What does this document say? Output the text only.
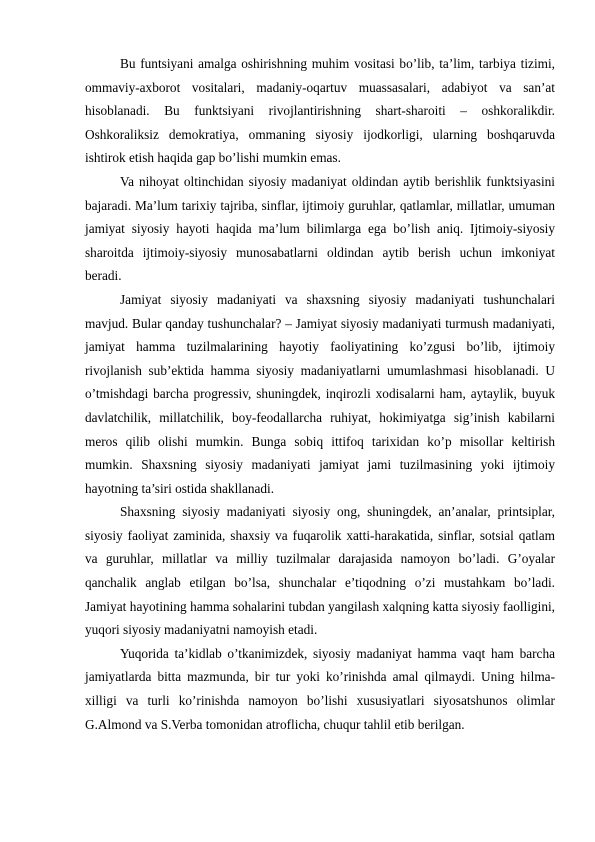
Bu funtsiyani amalga oshirishning muhim vositasi bo’lib, ta’lim, tarbiya tizimi, ommaviy-axborot vositalari, madaniy-oqartuv muassasalari, adabiyot va san’at hisoblanadi. Bu funktsiyani rivojlantirishning shart-sharoiti – oshkoralikdir. Oshkoraliksiz demokratiya, ommaning siyosiy ijodkorligi, ularning boshqaruvda ishtirok etish haqida gap bo’lishi mumkin emas.

Va nihoyat oltinchidan siyosiy madaniyat oldindan aytib berishlik funktsiyasini bajaradi. Ma’lum tarixiy tajriba, sinflar, ijtimoiy guruhlar, qatlamlar, millatlar, umuman jamiyat siyosiy hayoti haqida ma’lum bilimlarga ega bo’lish aniq. Ijtimoiy-siyosiy sharoitda ijtimoiy-siyosiy munosabatlarni oldindan aytib berish uchun imkoniyat beradi.

Jamiyat siyosiy madaniyati va shaxsning siyosiy madaniyati tushunchalari mavjud. Bular qanday tushunchalar? – Jamiyat siyosiy madaniyati turmush madaniyati, jamiyat hamma tuzilmalarining hayotiy faoliyatining ko’zgusi bo’lib, ijtimoiy rivojlanish sub’ektida hamma siyosiy madaniyatlarni umumlashmasi hisoblanadi. U o’tmishdagi barcha progressiv, shuningdek, inqirozli xodisalarni ham, aytaylik, buyuk davlatchilik, millatchilik, boy-feodallarcha ruhiyat, hokimiyatga sig’inish kabilarni meros qilib olishi mumkin. Bunga sobiq ittifoq tarixidan ko’p misollar keltirish mumkin. Shaxsning siyosiy madaniyati jamiyat jami tuzilmasining yoki ijtimoiy hayotning ta’siri ostida shakllanadi.

Shaxsning siyosiy madaniyati siyosiy ong, shuningdek, an’analar, printsiplar, siyosiy faoliyat zaminida, shaxsiy va fuqarolik xatti-harakatida, sinflar, sotsial qatlam va guruhlar, millatlar va milliy tuzilmalar darajasida namoyon bo’ladi. G’oyalar qanchalik anglab etilgan bo’lsa, shunchalar e’tiqodning o’zi mustahkam bo’ladi. Jamiyat hayotining hamma sohalarini tubdan yangilash xalqning katta siyosiy faolligini, yuqori siyosiy madaniyatni namoyish etadi.

Yuqorida ta’kidlab o’tkanimizdek, siyosiy madaniyat hamma vaqt ham barcha jamiyatlarda bitta mazmunda, bir tur yoki ko’rinishda amal qilmaydi. Uning hilma-xilligi va turli ko’rinishda namoyon bo’lishi xususiyatlari siyosatshunos olimlar G.Almond va S.Verba tomonidan atroflicha, chuqur tahlil etib berilgan.
